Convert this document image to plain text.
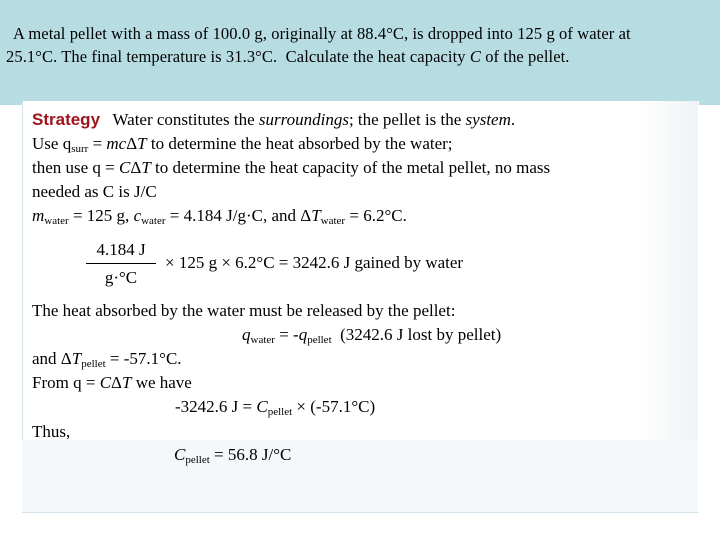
A metal pellet with a mass of 100.0 g, originally at 88.4°C, is dropped into 125 g of water at
25.1°C. The final temperature is 31.3°C.  Calculate the heat capacity C of the pellet.
Strategy   Water constitutes the surroundings; the pellet is the system.
Use $q_{surr} = mc\Delta T$ to determine the heat absorbed by the water;
then use q = CΔT to determine the heat capacity of the metal pellet, no mass
needed as C is J/C
$m_{water} = 125$ g, $c_{water} = 4.184$ J/g·C, and $\Delta T_{water} = 6.2^\circ C$.
4.184 J
g·°C
× 125 g × 6.2°C = 3242.6 J gained by water
The heat absorbed by the water must be released by the pellet:
$q_{water} = -q_{pellet}$ (3242.6 J lost by pellet)
and $\Delta T_{pellet} = -57.1^\circ C$.
From q = CΔT we have
-3242.6 $J = C_{pellet} \times (-57.1^\circ C)$
Thus,
$C_{pellet} = 56.8$ J/°C
